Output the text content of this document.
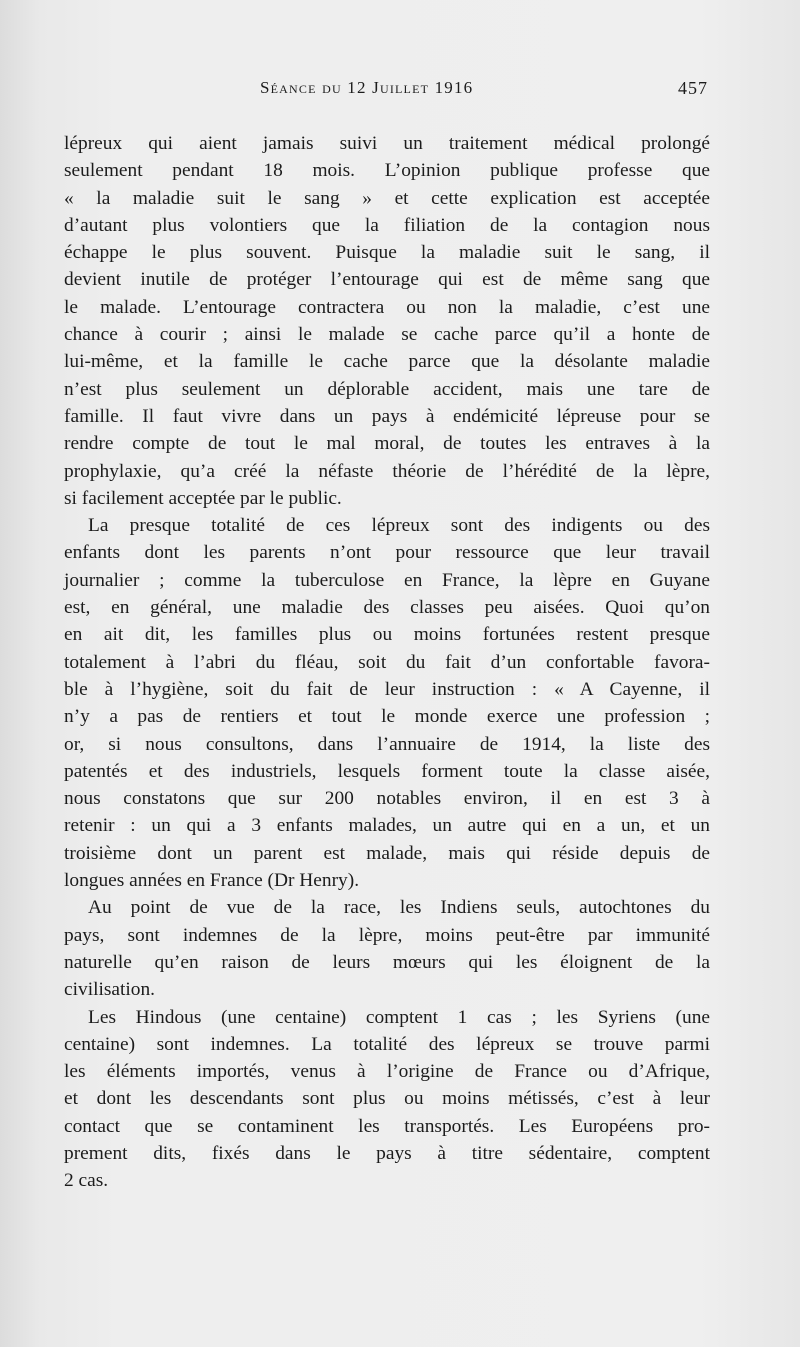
Séance du 12 Juillet 1916	457
lépreux qui aient jamais suivi un traitement médical prolongé
seulement pendant 18 mois. L’opinion publique professe que
« la maladie suit le sang » et cette explication est acceptée
d’autant plus volontiers que la filiation de la contagion nous
échappe le plus souvent. Puisque la maladie suit le sang, il
devient inutile de protéger l’entourage qui est de même sang que
le malade. L’entourage contractera ou non la maladie, c’est une
chance à courir ; ainsi le malade se cache parce qu’il a honte de
lui-même, et la famille le cache parce que la désolante maladie
n’est plus seulement un déplorable accident, mais une tare de
famille. Il faut vivre dans un pays à endémicité lépreuse pour se
rendre compte de tout le mal moral, de toutes les entraves à la
prophylaxie, qu’a créé la néfaste théorie de l’hérédité de la lèpre,
si facilement acceptée par le public.
La presque totalité de ces lépreux sont des indigents ou des
enfants dont les parents n’ont pour ressource que leur travail
journalier ; comme la tuberculose en France, la lèpre en Guyane
est, en général, une maladie des classes peu aisées. Quoi qu’on
en ait dit, les familles plus ou moins fortunées restent presque
totalement à l’abri du fléau, soit du fait d’un confortable favora-
ble à l’hygiène, soit du fait de leur instruction : « A Cayenne, il
n’y a pas de rentiers et tout le monde exerce une profession ;
or, si nous consultons, dans l’annuaire de 1914, la liste des
patentés et des industriels, lesquels forment toute la classe aisée,
nous constatons que sur 200 notables environ, il en est 3 à
retenir : un qui a 3 enfants malades, un autre qui en a un, et un
troisième dont un parent est malade, mais qui réside depuis de
longues années en France (Dr Henry).
Au point de vue de la race, les Indiens seuls, autochtones du
pays, sont indemnes de la lèpre, moins peut-être par immunité
naturelle qu’en raison de leurs mœurs qui les éloignent de la
civilisation.
Les Hindous (une centaine) comptent 1 cas ; les Syriens (une
centaine) sont indemnes. La totalité des lépreux se trouve parmi
les éléments importés, venus à l’origine de France ou d’Afrique,
et dont les descendants sont plus ou moins métissés, c’est à leur
contact que se contaminent les transportés. Les Européens pro-
prement dits, fixés dans le pays à titre sédentaire, comptent
2 cas.
